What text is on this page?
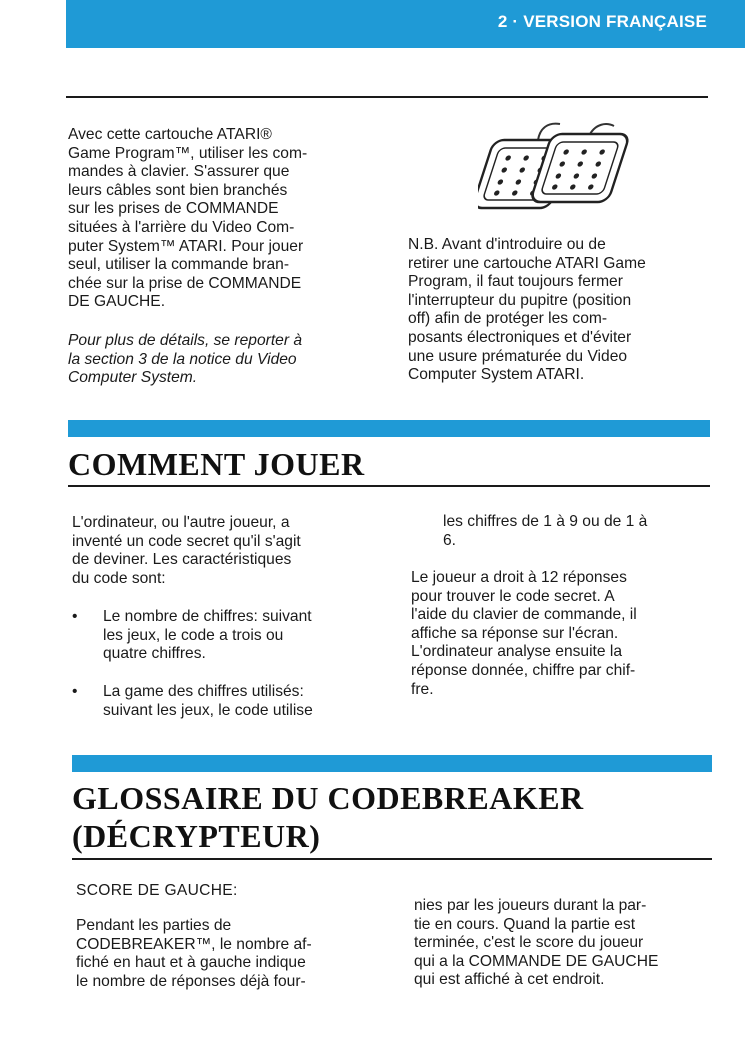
2 · VERSION FRANÇAISE
Avec cette cartouche ATARI®
Game Program™, utiliser les com-
mandes à clavier. S'assurer que
leurs câbles sont bien branchés
sur les prises de COMMANDE
situées à l'arrière du Video Com-
puter System™ ATARI. Pour jouer
seul, utiliser la commande bran-
chée sur la prise de COMMANDE
DE GAUCHE.
Pour plus de détails, se reporter à
la section 3 de la notice du Video
Computer System.
N.B. Avant d'introduire ou de
retirer une cartouche ATARI Game
Program, il faut toujours fermer
l'interrupteur du pupitre (position
off) afin de protéger les com-
posants électroniques et d'éviter
une usure prématurée du Video
Computer System ATARI.
COMMENT JOUER
L'ordinateur, ou l'autre joueur, a
inventé un code secret qu'il s'agit
de deviner. Les caractéristiques
du code sont:
• Le nombre de chiffres: suivant
les jeux, le code a trois ou
quatre chiffres.
• La game des chiffres utilisés:
suivant les jeux, le code utilise
les chiffres de 1 à 9 ou de 1 à
6.
Le joueur a droit à 12 réponses
pour trouver le code secret. A
l'aide du clavier de commande, il
affiche sa réponse sur l'écran.
L'ordinateur analyse ensuite la
réponse donnée, chiffre par chif-
fre.
GLOSSAIRE DU CODEBREAKER
(DÉCRYPTEUR)
SCORE DE GAUCHE:
Pendant les parties de
CODEBREAKER™, le nombre af-
fiché en haut et à gauche indique
le nombre de réponses déjà four-
nies par les joueurs durant la par-
tie en cours. Quand la partie est
terminée, c'est le score du joueur
qui a la COMMANDE DE GAUCHE
qui est affiché à cet endroit.
